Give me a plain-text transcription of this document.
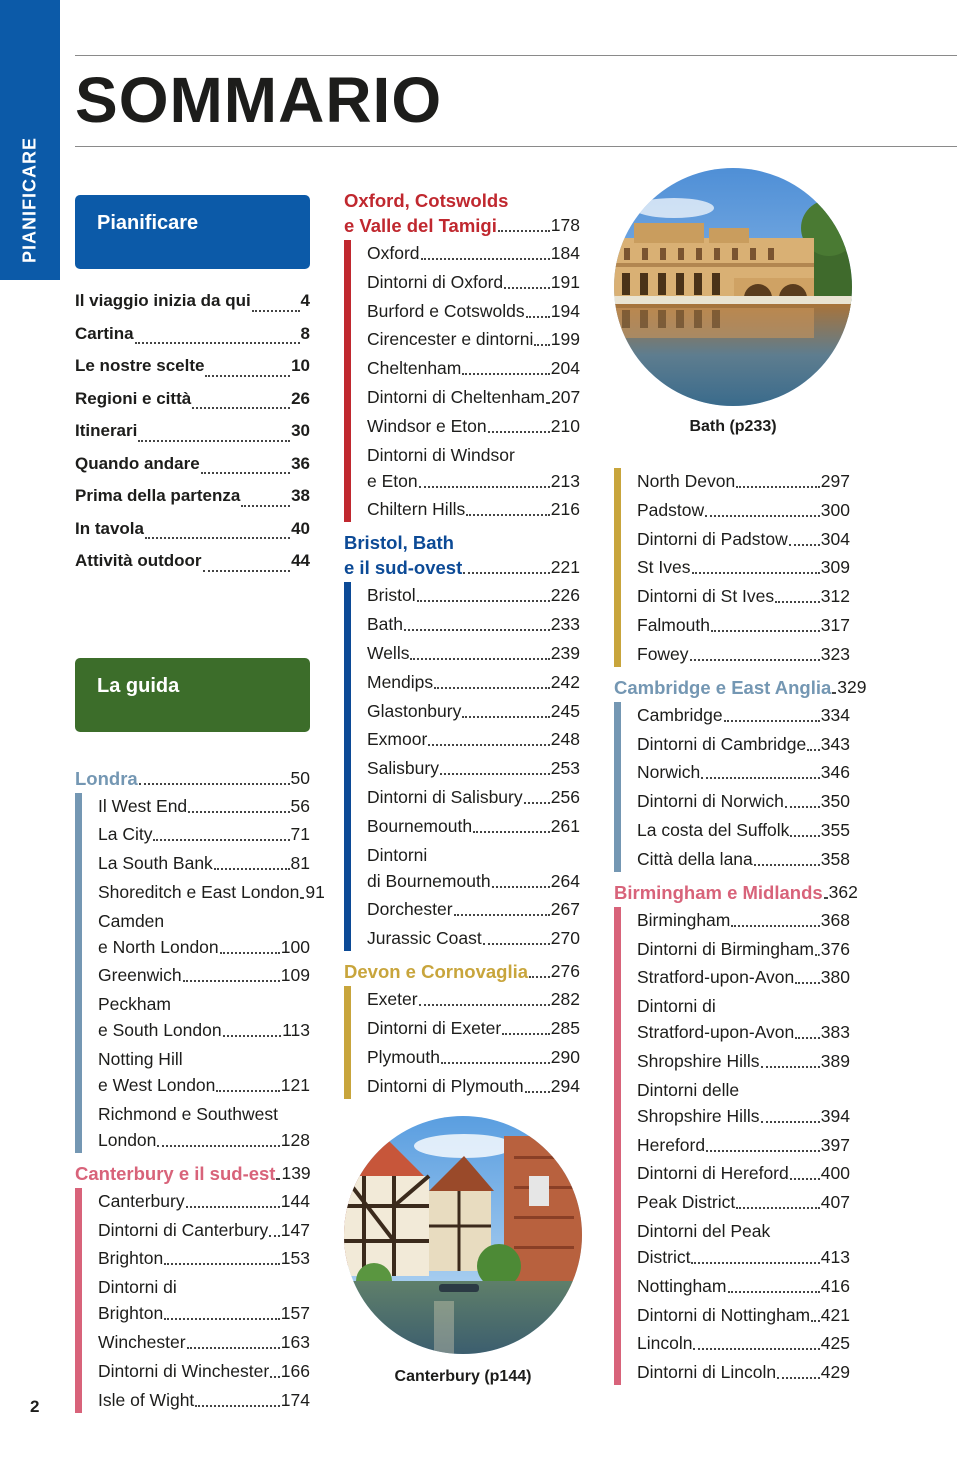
PIANIFICARE
SOMMARIO
Pianificare
Il viaggio inizia da qui	4
Cartina	8
Le nostre scelte	10
Regioni e città	26
Itinerari	30
Quando andare	36
Prima della partenza	38
In tavola	40
Attività outdoor	44
La guida
Londra	50
Il West End	56
La City	71
La South Bank	81
Shoreditch e East London 91
Camden
e North London	100
Greenwich	109
Peckham
e South London	113
Notting Hill
e West London	121
Richmond e Southwest
London	128
Canterbury e il sud-est 139
Canterbury	144
Dintorni di Canterbury 147
Brighton	153
Dintorni di
Brighton	157
Winchester	163
Dintorni di Winchester 166
Isle of Wight	174
Oxford, Cotswolds
e Valle del Tamigi	178
Oxford	184
Dintorni di Oxford	191
Burford e Cotswolds 194
Cirencester e dintorni 199
Cheltenham	204
Dintorni di Cheltenham 207
Windsor e Eton	210
Dintorni di Windsor
e Eton	213
Chiltern Hills	216
Bristol, Bath
e il sud-ovest	221
Bristol	226
Bath	233
Wells	239
Mendips	242
Glastonbury	245
Exmoor	248
Salisbury	253
Dintorni di Salisbury 256
Bournemouth	261
Dintorni
di Bournemouth	264
Dorchester	267
Jurassic Coast	270
Devon e Cornovaglia 276
Exeter	282
Dintorni di Exeter	285
Plymouth	290
Dintorni di Plymouth 294
North Devon	297
Padstow	300
Dintorni di Padstow 304
St Ives	309
Dintorni di St Ives	312
Falmouth	317
Fowey	323
Cambridge e East Anglia 329
Cambridge	334
Dintorni di Cambridge 343
Norwich	346
Dintorni di Norwich 350
La costa del Suffolk 355
Città della lana	358
Birmingham e Midlands 362
Birmingham	368
Dintorni di Birmingham 376
Stratford-upon-Avon 380
Dintorni di
Stratford-upon-Avon 383
Shropshire Hills	389
Dintorni delle
Shropshire Hills	394
Hereford	397
Dintorni di Hereford 400
Peak District	407
Dintorni del Peak
District	413
Nottingham	416
Dintorni di Nottingham 421
Lincoln	425
Dintorni di Lincoln	429
Bath (p233)
Canterbury (p144)
2
